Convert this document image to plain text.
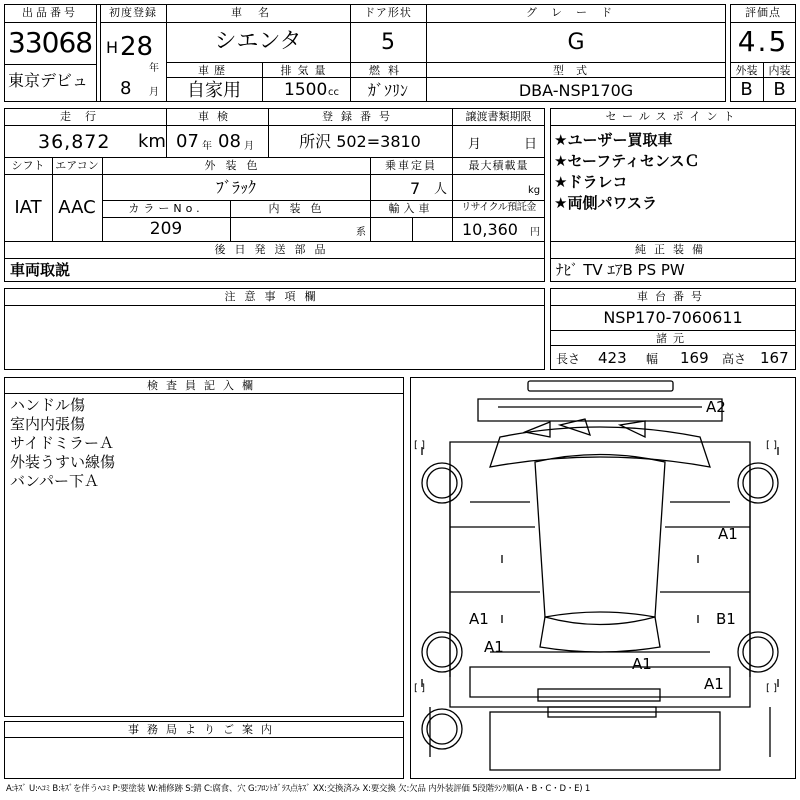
出品番号
33068
東京デビュ
初度登録
H 28
年
8 月
車名
シエンタ
ドア形状
5
グレード
G
車歴
自家用
排気量
1500 cc
燃料
ｶﾞｿﾘﾝ
型式
DBA-NSP170G
評価点
4.5
外装	内装
B	B
走行
36,872 km
車検
07 年 08 月
登録番号
所沢 502=3810
譲渡書類期限
月	日
シフト
IAT
エアコン
AAC
外装色
ﾌﾞﾗｯｸ
乗車定員
7 人
最大積載量
kg
カラーNo.
209
内装色
系
輸入車	リサイクル預託金
10,360 円
後日発送部品
車両取説
セールスポイント
★ユーザー買取車
★セーフティセンスＣ
★ドラレコ
★両側パワスラ
純正装備
ﾅﾋﾞ TV ｴｱB PS PW
注意事項欄	車台番号
NSP170-7060611
諸元
長さ 423 幅 169 高さ 167
検査員記入欄
ハンドル傷
室内内張傷
サイドミラーＡ
外装うすい線傷
バンパー下Ａ
事務局よりご案内
A2
A1
A1	B1
A1
A1
A1
[ ]	[ ]
[ ]	[ ]
A:ｷｽﾞ U:ﾍｺﾐ B:ｷｽﾞを伴うﾍｺﾐ P:要塗装 W:補修跡 S:錆 C:腐食、穴 G:ﾌﾛﾝﾄｶﾞﾗｽ点ｷｽﾞ XX:交換済み X:要交換 欠:欠品 内外装評価 5段階ﾗﾝｸ順(A・B・C・D・E) 1
